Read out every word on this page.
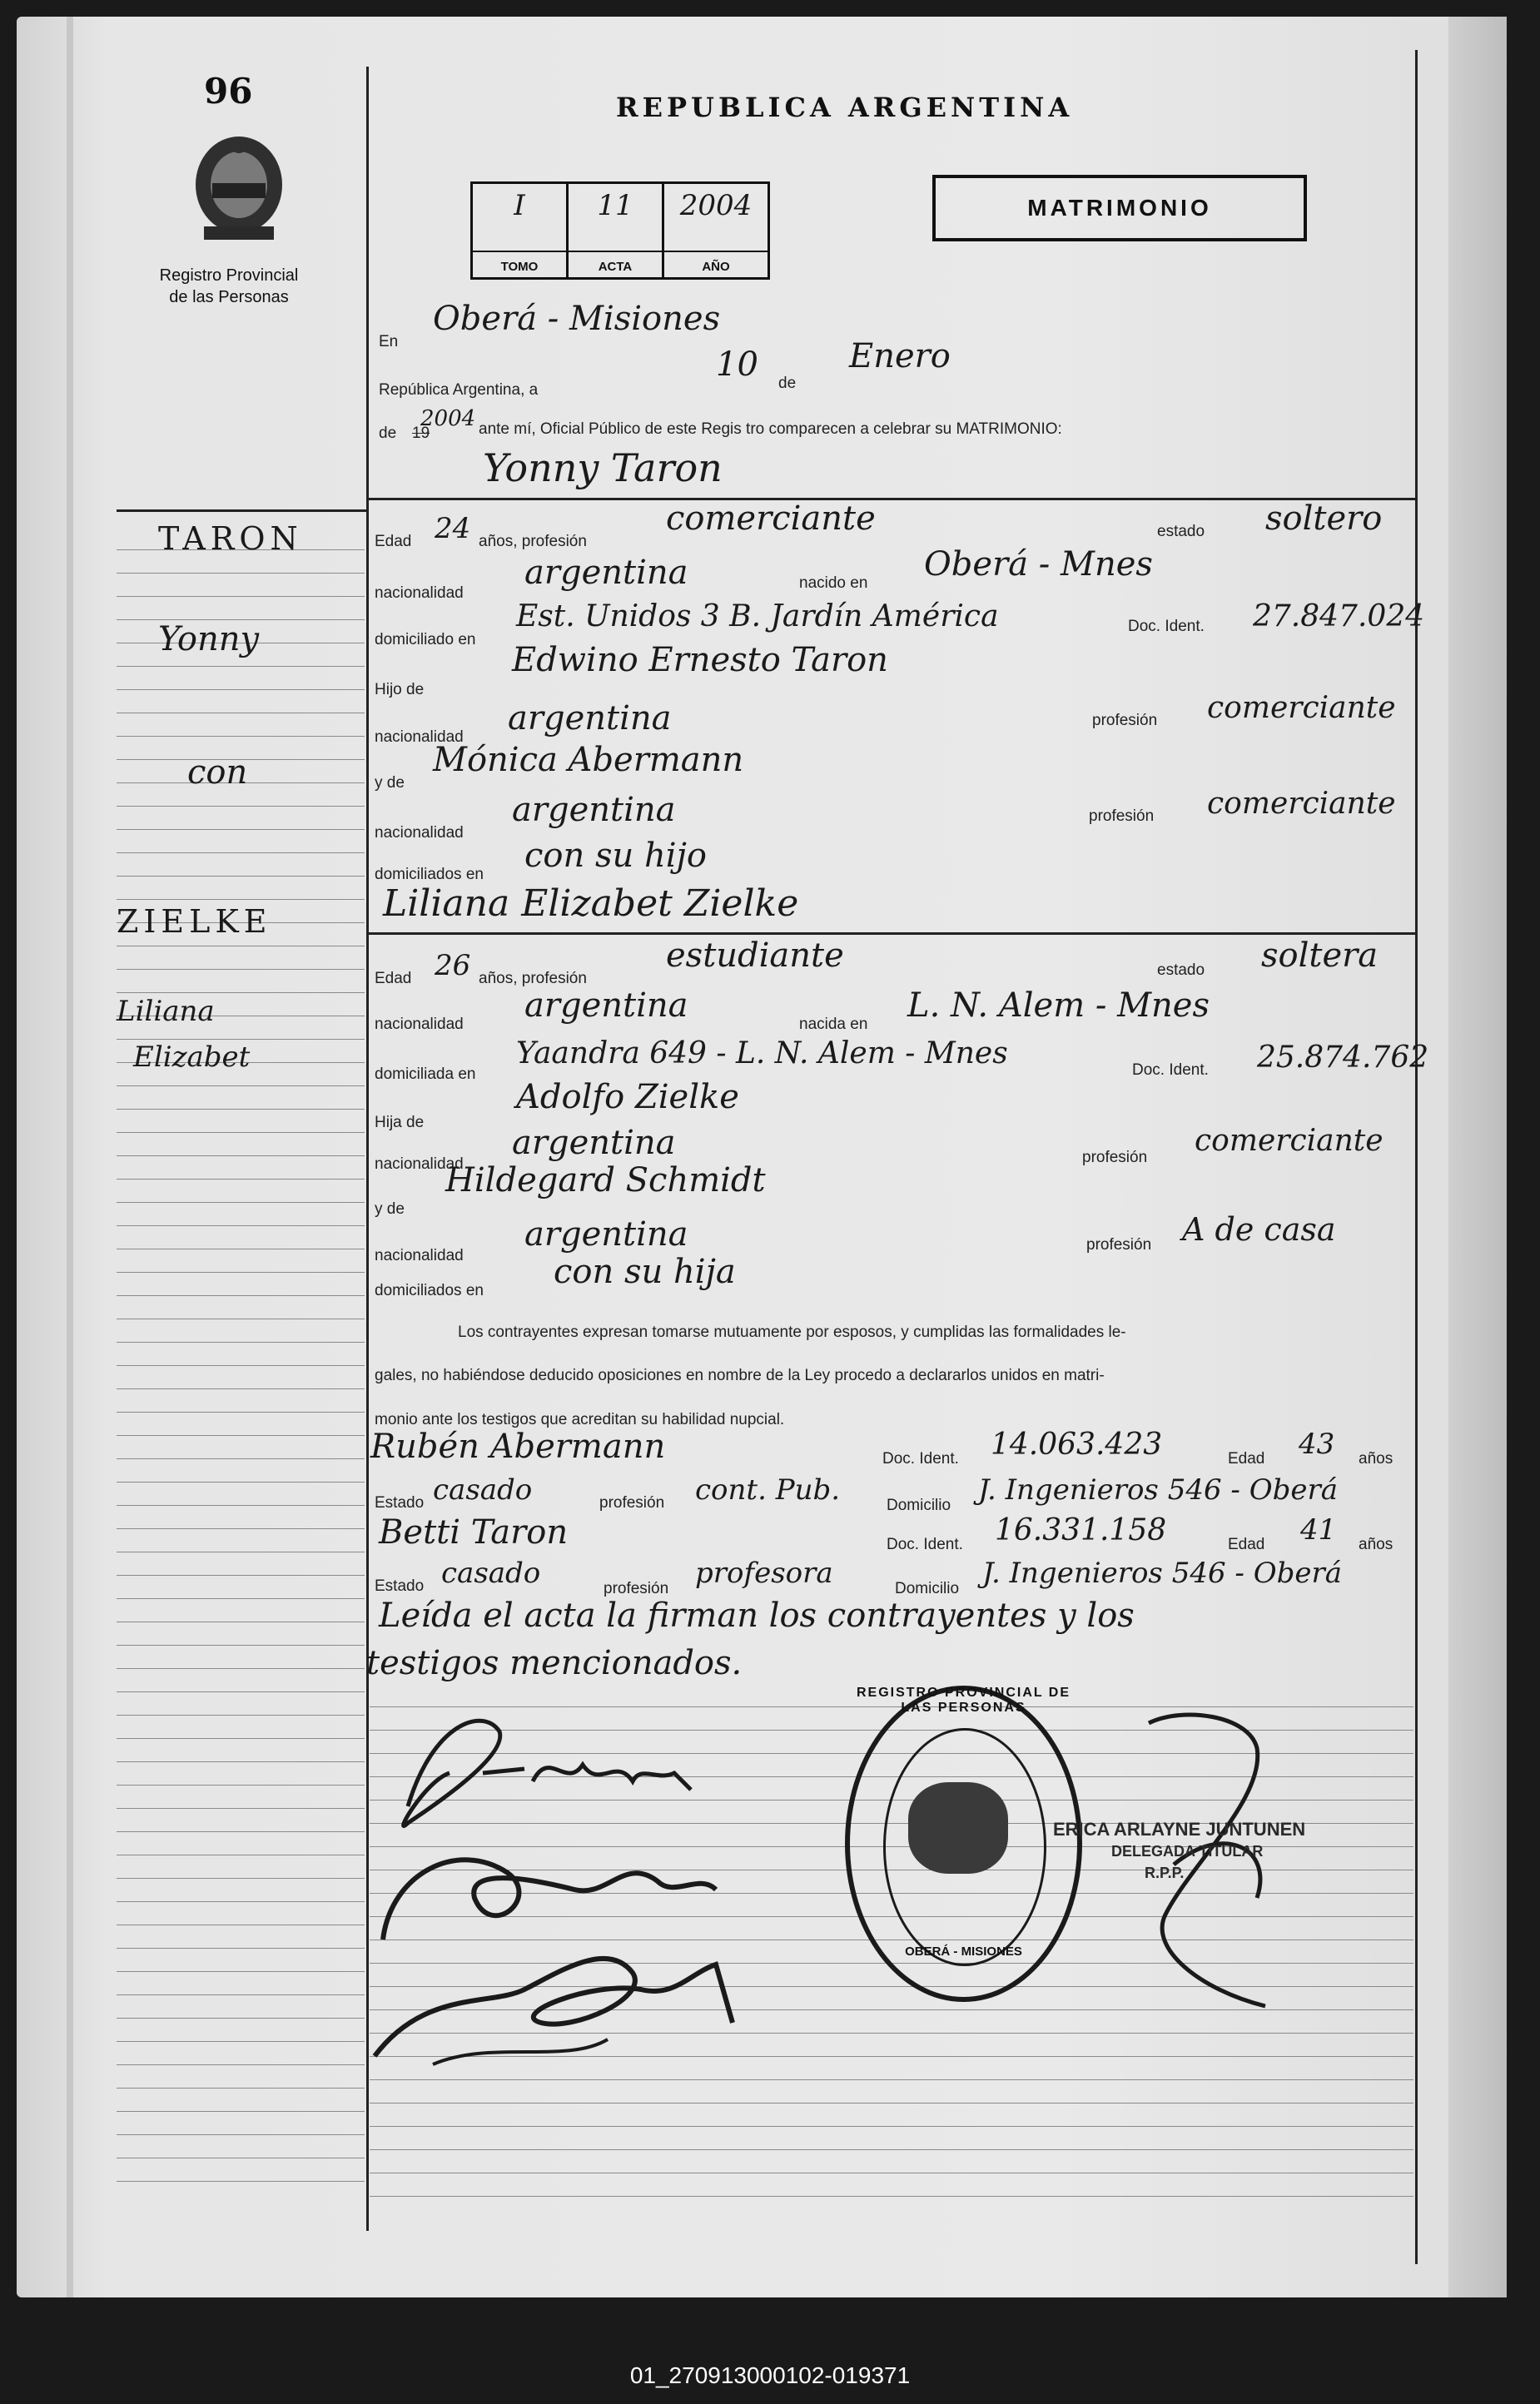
96
Registro Provincial
de las Personas
REPUBLICA ARGENTINA
MATRIMONIO
I
TOMO
11
ACTA
2004
AÑO
En
Oberá - Misiones
República Argentina, a
10 de
Enero
de 19
2004 ante mí, Oficial Público de este Regis tro comparecen a celebrar su MATRIMONIO:
Yonny Taron
TARON
Yonny
con
ZIELKE
Liliana
Elizabet
Edad 24 años, profesión
comerciante	estado soltero
nacionalidad
argentina	nacido en Oberá - Mnes
domiciliado en
Est. Unidos 3 B. Jardín América	Doc. Ident. 27.847.024
Hijo de
Edwino Ernesto Taron
nacionalidad argentina	profesión comerciante
y de
Mónica Abermann
nacionalidad
argentina	profesión comerciante
domiciliados en con su hijo
Liliana Elizabet Zielke
Edad 26 años, profesión
estudiante	estado soltera
nacionalidad argentina	nacida en L. N. Alem - Mnes
domiciliada en
Yaandra 649 - L. N. Alem - Mnes	Doc. Ident. 25.874.762
Hija de
Adolfo Zielke
nacionalidad
argentina	profesión comerciante
y de
Hildegard Schmidt
nacionalidad
argentina	profesión A de casa
domiciliados en con su hija
Los contrayentes expresan tomarse mutuamente por esposos, y cumplidas las formalidades le-
gales, no habiéndose deducido oposiciones en nombre de la Ley procedo a declararlos unidos en matri-
monio ante los testigos que acreditan su habilidad nupcial.
Rubén Abermann	Doc. Ident. 14.063.423	Edad 43 años
Estado casado	profesión cont. Pub.	Domicilio J. Ingenieros 546 - Oberá
Betti Taron	Doc. Ident. 16.331.158	Edad 41 años
Estado casado	profesión profesora	Domicilio J. Ingenieros 546 - Oberá
Leída el acta la firman los contrayentes y los
testigos mencionados.
REGISTRO PROVINCIAL DE LAS PERSONAS
OBERÁ - MISIONES
ERICA ARLAYNE JUNTUNEN
DELEGADA TITULAR
R.P.P.
01_270913000102-019371
